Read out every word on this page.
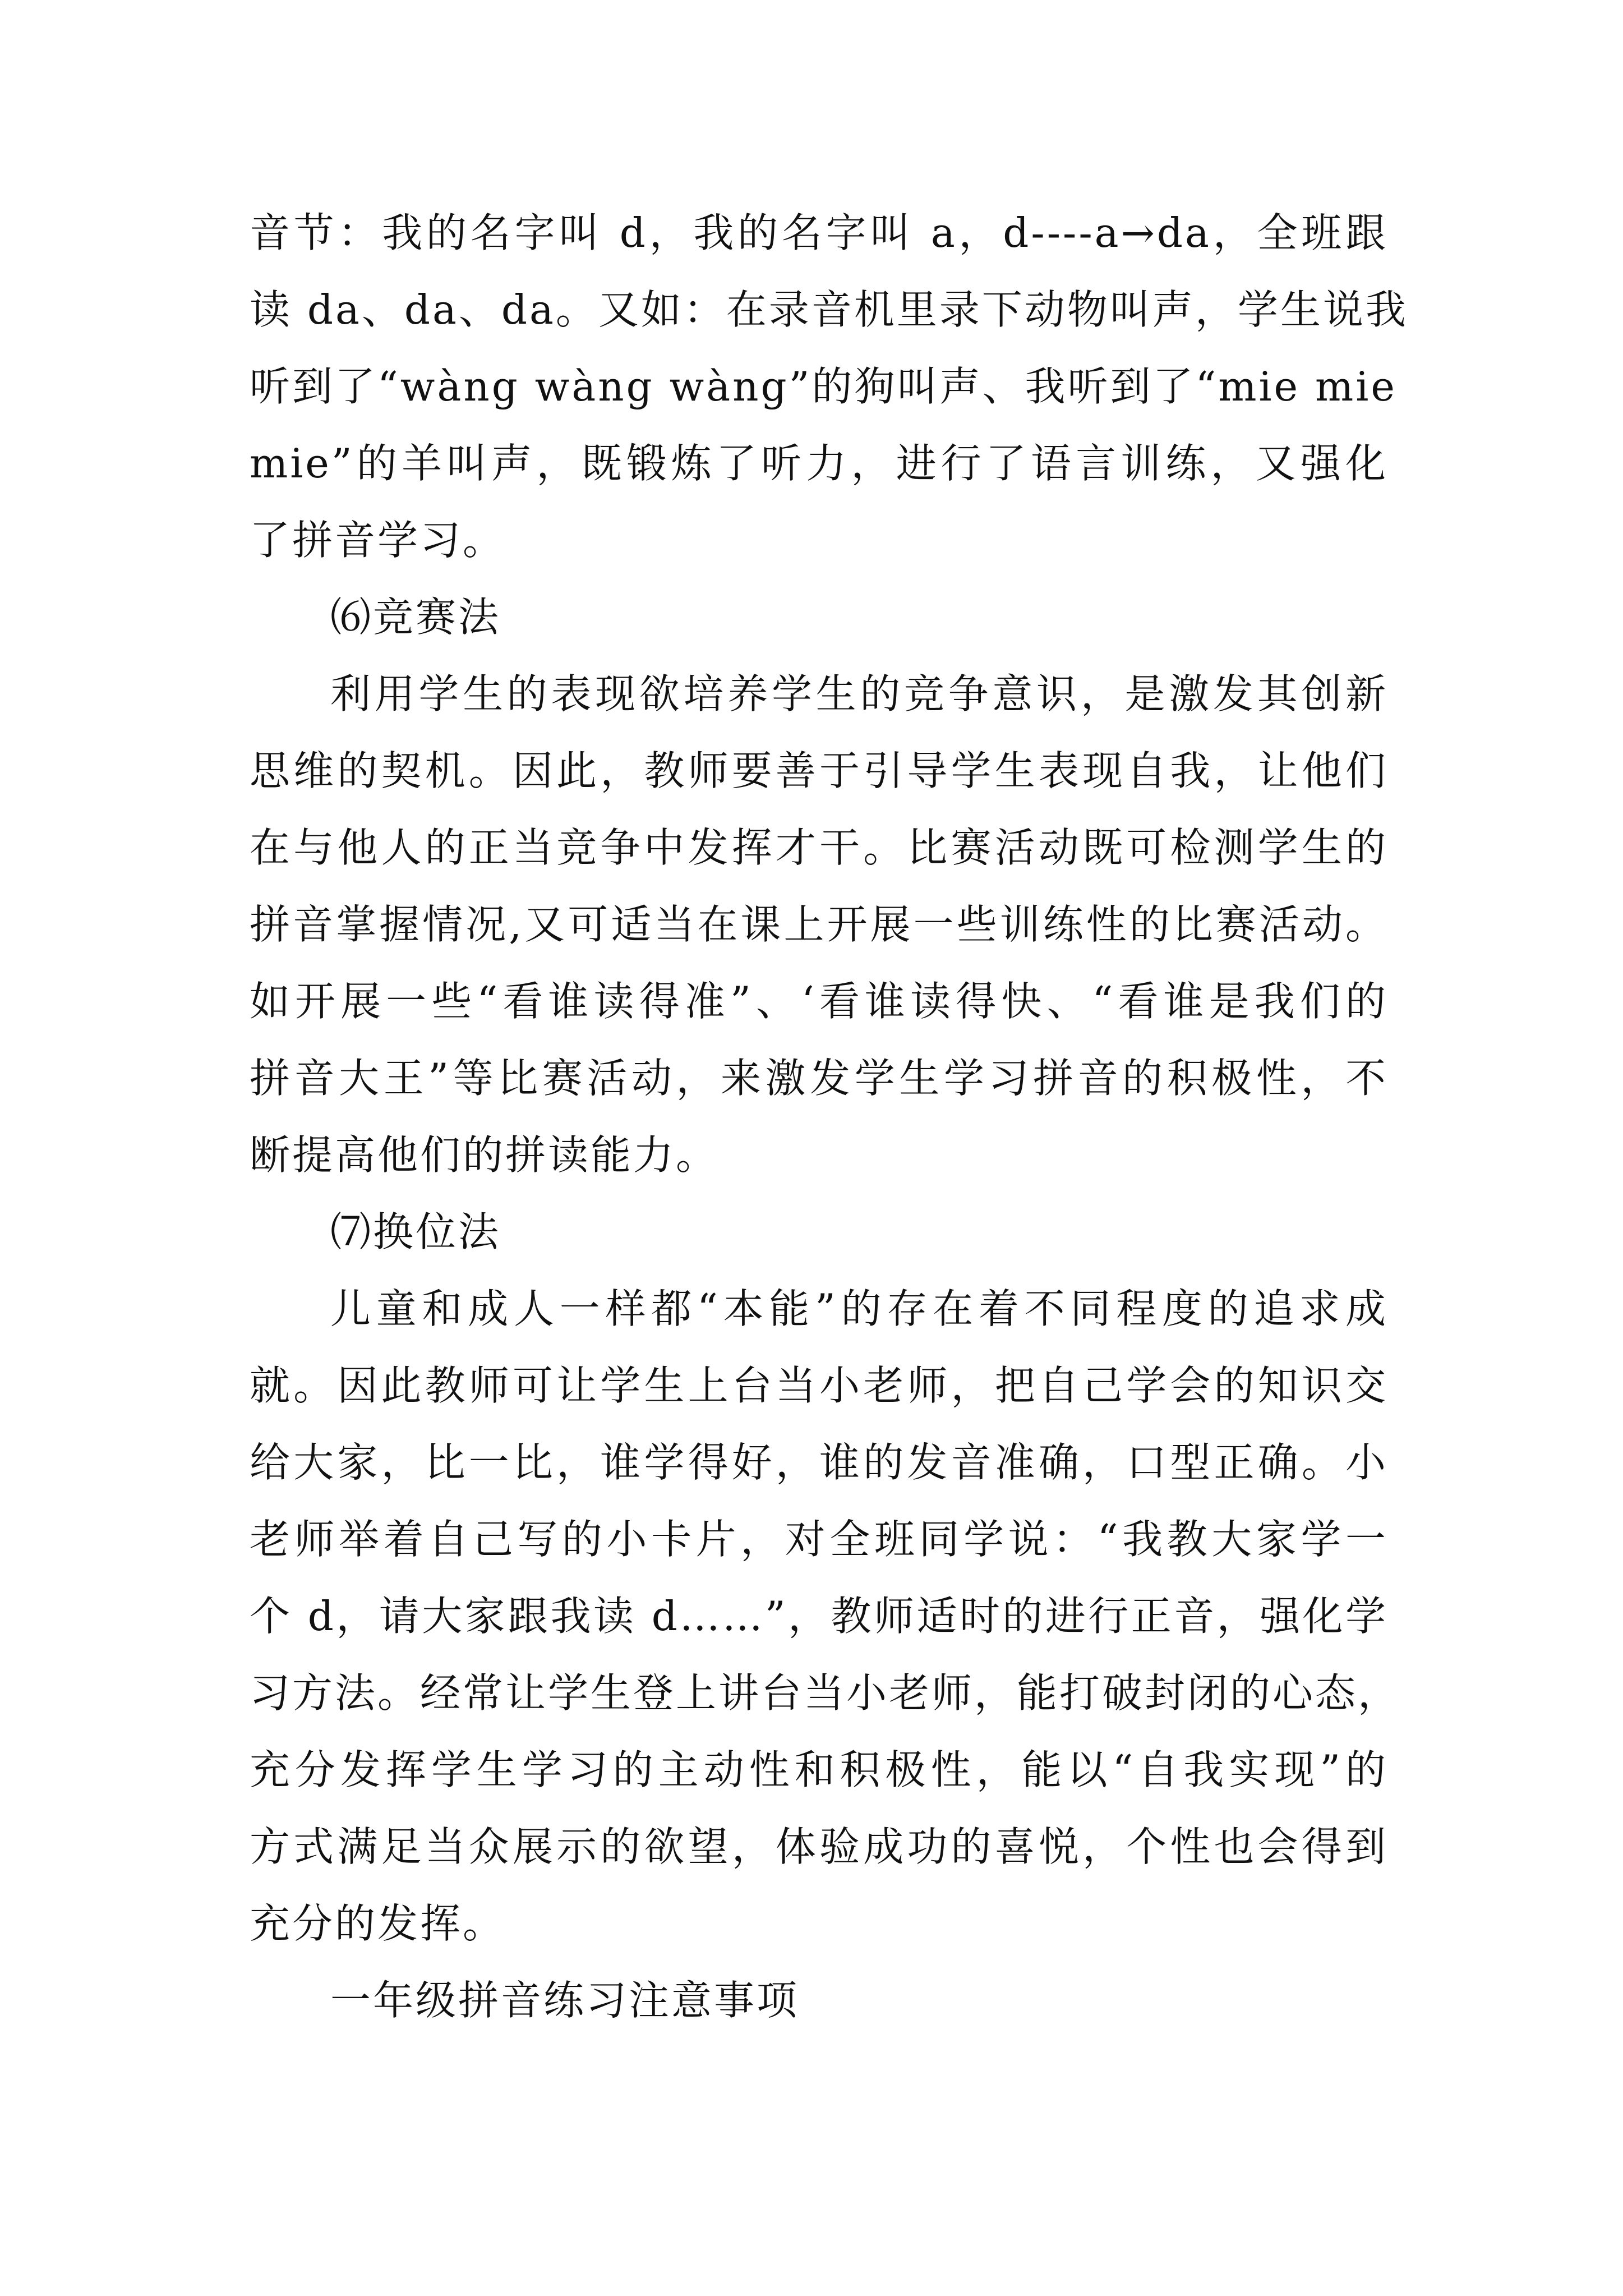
音节：我的名字叫 d，我的名字叫 a，d----a→da，全班跟
读 da、da、da。又如：在录音机里录下动物叫声，学生说我
听到了“wàng wàng wàng”的狗叫声、我听到了“mie mie
mie”的羊叫声，既锻炼了听力，进行了语言训练，又强化
了拼音学习。
⑹竞赛法
利用学生的表现欲培养学生的竞争意识，是激发其创新
思维的契机。因此，教师要善于引导学生表现自我，让他们
在与他人的正当竞争中发挥才干。比赛活动既可检测学生的
拼音掌握情况,又可适当在课上开展一些训练性的比赛活动。
如开展一些“看谁读得准”、‘看谁读得快、“看谁是我们的
拼音大王”等比赛活动，来激发学生学习拼音的积极性，不
断提高他们的拼读能力。
⑺换位法
儿童和成人一样都“本能”的存在着不同程度的追求成
就。因此教师可让学生上台当小老师，把自己学会的知识交
给大家，比一比，谁学得好，谁的发音准确，口型正确。小
老师举着自己写的小卡片，对全班同学说：“我教大家学一
个 d，请大家跟我读 d……”，教师适时的进行正音，强化学
习方法。经常让学生登上讲台当小老师，能打破封闭的心态，
充分发挥学生学习的主动性和积极性，能以“自我实现”的
方式满足当众展示的欲望，体验成功的喜悦，个性也会得到
充分的发挥。
一年级拼音练习注意事项
